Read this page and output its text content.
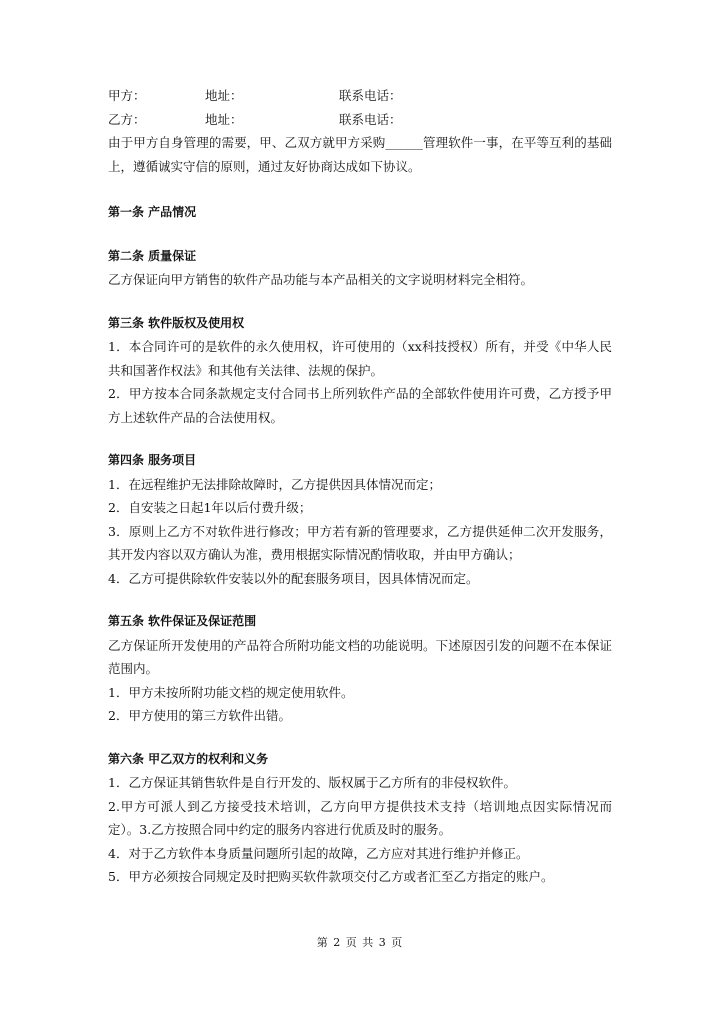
甲方：	地址：	联系电话：
乙方：	地址：	联系电话：
由于甲方自身管理的需要，甲、乙双方就甲方采购______管理软件一事，在平等互利的基础上，遵循诚实守信的原则，通过友好协商达成如下协议。
第一条 产品情况
第二条 质量保证
乙方保证向甲方销售的软件产品功能与本产品相关的文字说明材料完全相符。
第三条 软件版权及使用权
1．本合同许可的是软件的永久使用权，许可使用的（xx科技授权）所有，并受《中华人民共和国著作权法》和其他有关法律、法规的保护。
2．甲方按本合同条款规定支付合同书上所列软件产品的全部软件使用许可费，乙方授予甲方上述软件产品的合法使用权。
第四条 服务项目
1．在远程维护无法排除故障时，乙方提供因具体情况而定；
2．自安装之日起1年以后付费升级；
3．原则上乙方不对软件进行修改；甲方若有新的管理要求，乙方提供延伸二次开发服务，其开发内容以双方确认为准，费用根据实际情况酌情收取，并由甲方确认；
4．乙方可提供除软件安装以外的配套服务项目，因具体情况而定。
第五条 软件保证及保证范围
乙方保证所开发使用的产品符合所附功能文档的功能说明。下述原因引发的问题不在本保证范围内。
1．甲方未按所附功能文档的规定使用软件。
2．甲方使用的第三方软件出错。
第六条 甲乙双方的权利和义务
1．乙方保证其销售软件是自行开发的、版权属于乙方所有的非侵权软件。
2.甲方可派人到乙方接受技术培训，乙方向甲方提供技术支持（培训地点因实际情况而定）。3.乙方按照合同中约定的服务内容进行优质及时的服务。
4．对于乙方软件本身质量问题所引起的故障，乙方应对其进行维护并修正。
5．甲方必须按合同规定及时把购买软件款项交付乙方或者汇至乙方指定的账户。
第 2 页 共 3 页
